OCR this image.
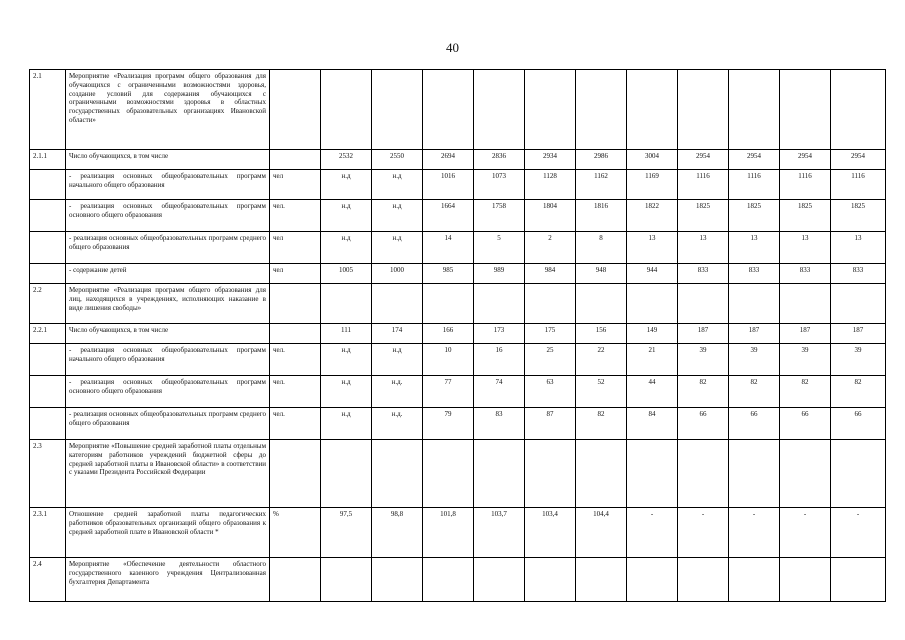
40
2.1	Мероприятие «Реализация программ общего образования для обучающихся с ограниченными возможностями здоровья, создание условий для содержания обучающихся с ограниченными возможностями здоровья в областных государственных образовательных организациях Ивановской области»												
2.1.1	Число обучающихся, в том числе		2532	2550	2694	2836	2934	2986	3004	2954	2954	2954	2954
	- реализация основных общеобразовательных программ начального общего образования	чел	н.д	н.д	1016	1073	1128	1162	1169	1116	1116	1116	1116
	- реализация основных общеобразовательных программ основного общего образования	чел.	н.д	н.д	1664	1758	1804	1816	1822	1825	1825	1825	1825
	- реализация основных общеобразовательных программ среднего общего образования	чел	н.д	н.д	14	5	2	8	13	13	13	13	13
	- содержание детей	чел	1005	1000	985	989	984	948	944	833	833	833	833
2.2	Мероприятие «Реализация программ общего образования для лиц, находящихся в учреждениях, исполняющих наказание в виде лишения свободы»												
2.2.1	Число обучающихся, в том числе		111	174	166	173	175	156	149	187	187	187	187
	- реализация основных общеобразовательных программ начального общего образования	чел.	н.д	н.д	10	16	25	22	21	39	39	39	39
	- реализация основных общеобразовательных программ основного общего образования	чел.	н.д	н.д.	77	74	63	52	44	82	82	82	82
	- реализация основных общеобразовательных программ среднего общего образования	чел.	н.д	н.д.	79	83	87	82	84	66	66	66	66
2.3	Мероприятие «Повышение средней заработной платы отдельным категориям работников учреждений бюджетной сферы до средней заработной платы в Ивановской области» в соответствии с указами Президента Российской Федерации												
2.3.1	Отношение средней заработной платы педагогических работников образовательных организаций общего образования к средней заработной плате в Ивановской области *	%	97,5	98,8	101,8	103,7	103,4	104,4	-	-	-	-	-
2.4	Мероприятие «Обеспечение деятельности областного государственного казенного учреждения Централизованная бухгалтерия Департамента												
